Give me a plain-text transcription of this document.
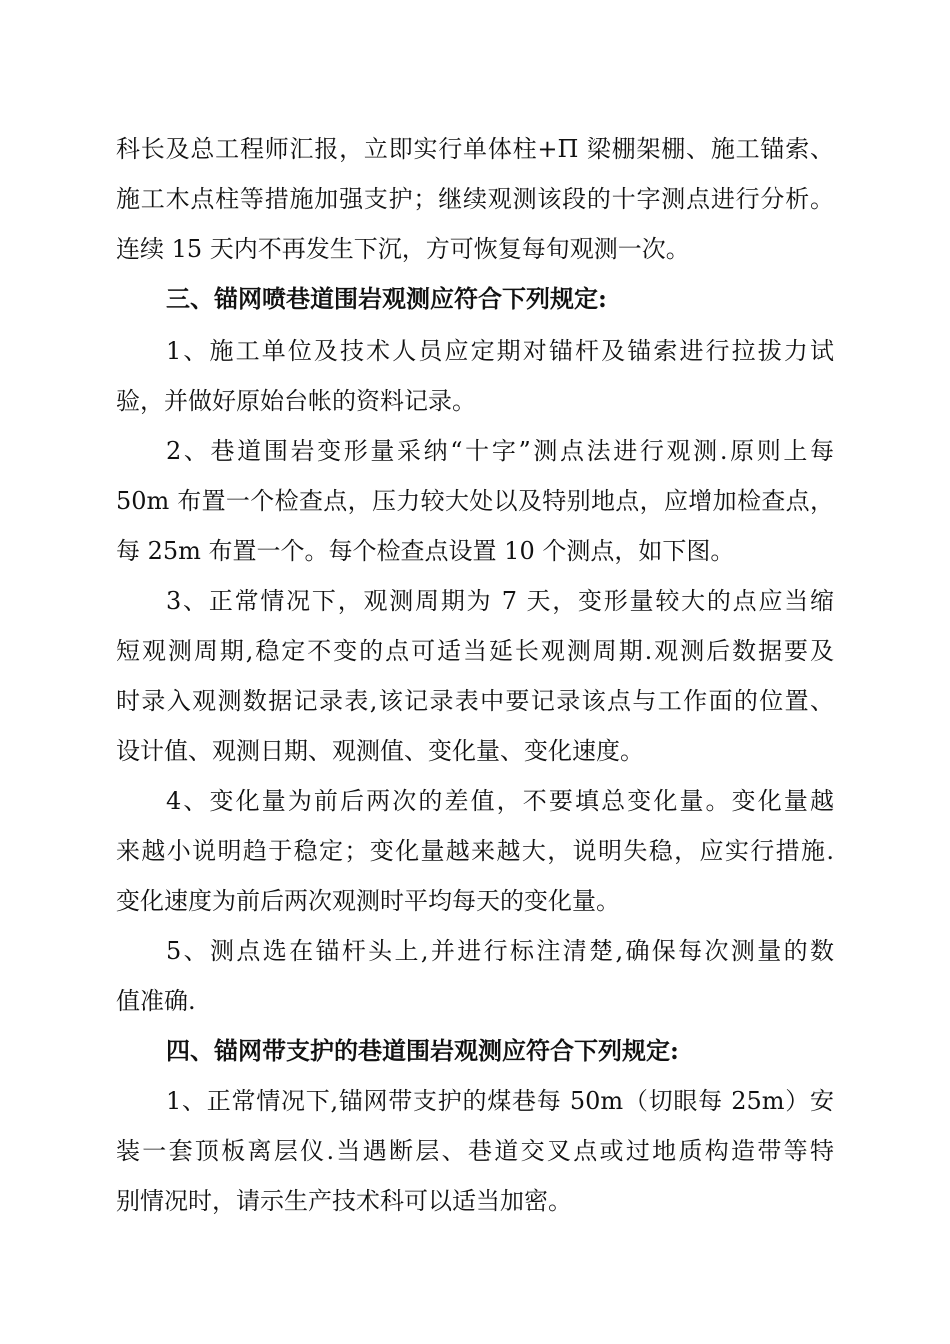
科长及总工程师汇报，立即实行单体柱+Π 梁棚架棚、施工锚索、
施工木点柱等措施加强支护；继续观测该段的十字测点进行分析。
连续 15 天内不再发生下沉，方可恢复每旬观测一次。
三、锚网喷巷道围岩观测应符合下列规定:
1、施工单位及技术人员应定期对锚杆及锚索进行拉拔力试
验，并做好原始台帐的资料记录。
2、巷道围岩变形量采纳“十字”测点法进行观测.原则上每
50m 布置一个检查点，压力较大处以及特别地点，应增加检查点，
每 25m 布置一个。每个检查点设置 10 个测点，如下图。
3、正常情况下，观测周期为 7 天，变形量较大的点应当缩
短观测周期,稳定不变的点可适当延长观测周期.观测后数据要及
时录入观测数据记录表,该记录表中要记录该点与工作面的位置、
设计值、观测日期、观测值、变化量、变化速度。
4、变化量为前后两次的差值，不要填总变化量。变化量越
来越小说明趋于稳定；变化量越来越大，说明失稳，应实行措施.
变化速度为前后两次观测时平均每天的变化量。
5、测点选在锚杆头上,并进行标注清楚,确保每次测量的数
值准确.
四、锚网带支护的巷道围岩观测应符合下列规定:
1、正常情况下,锚网带支护的煤巷每 50m（切眼每 25m）安
装一套顶板离层仪.当遇断层、巷道交叉点或过地质构造带等特
别情况时，请示生产技术科可以适当加密。
